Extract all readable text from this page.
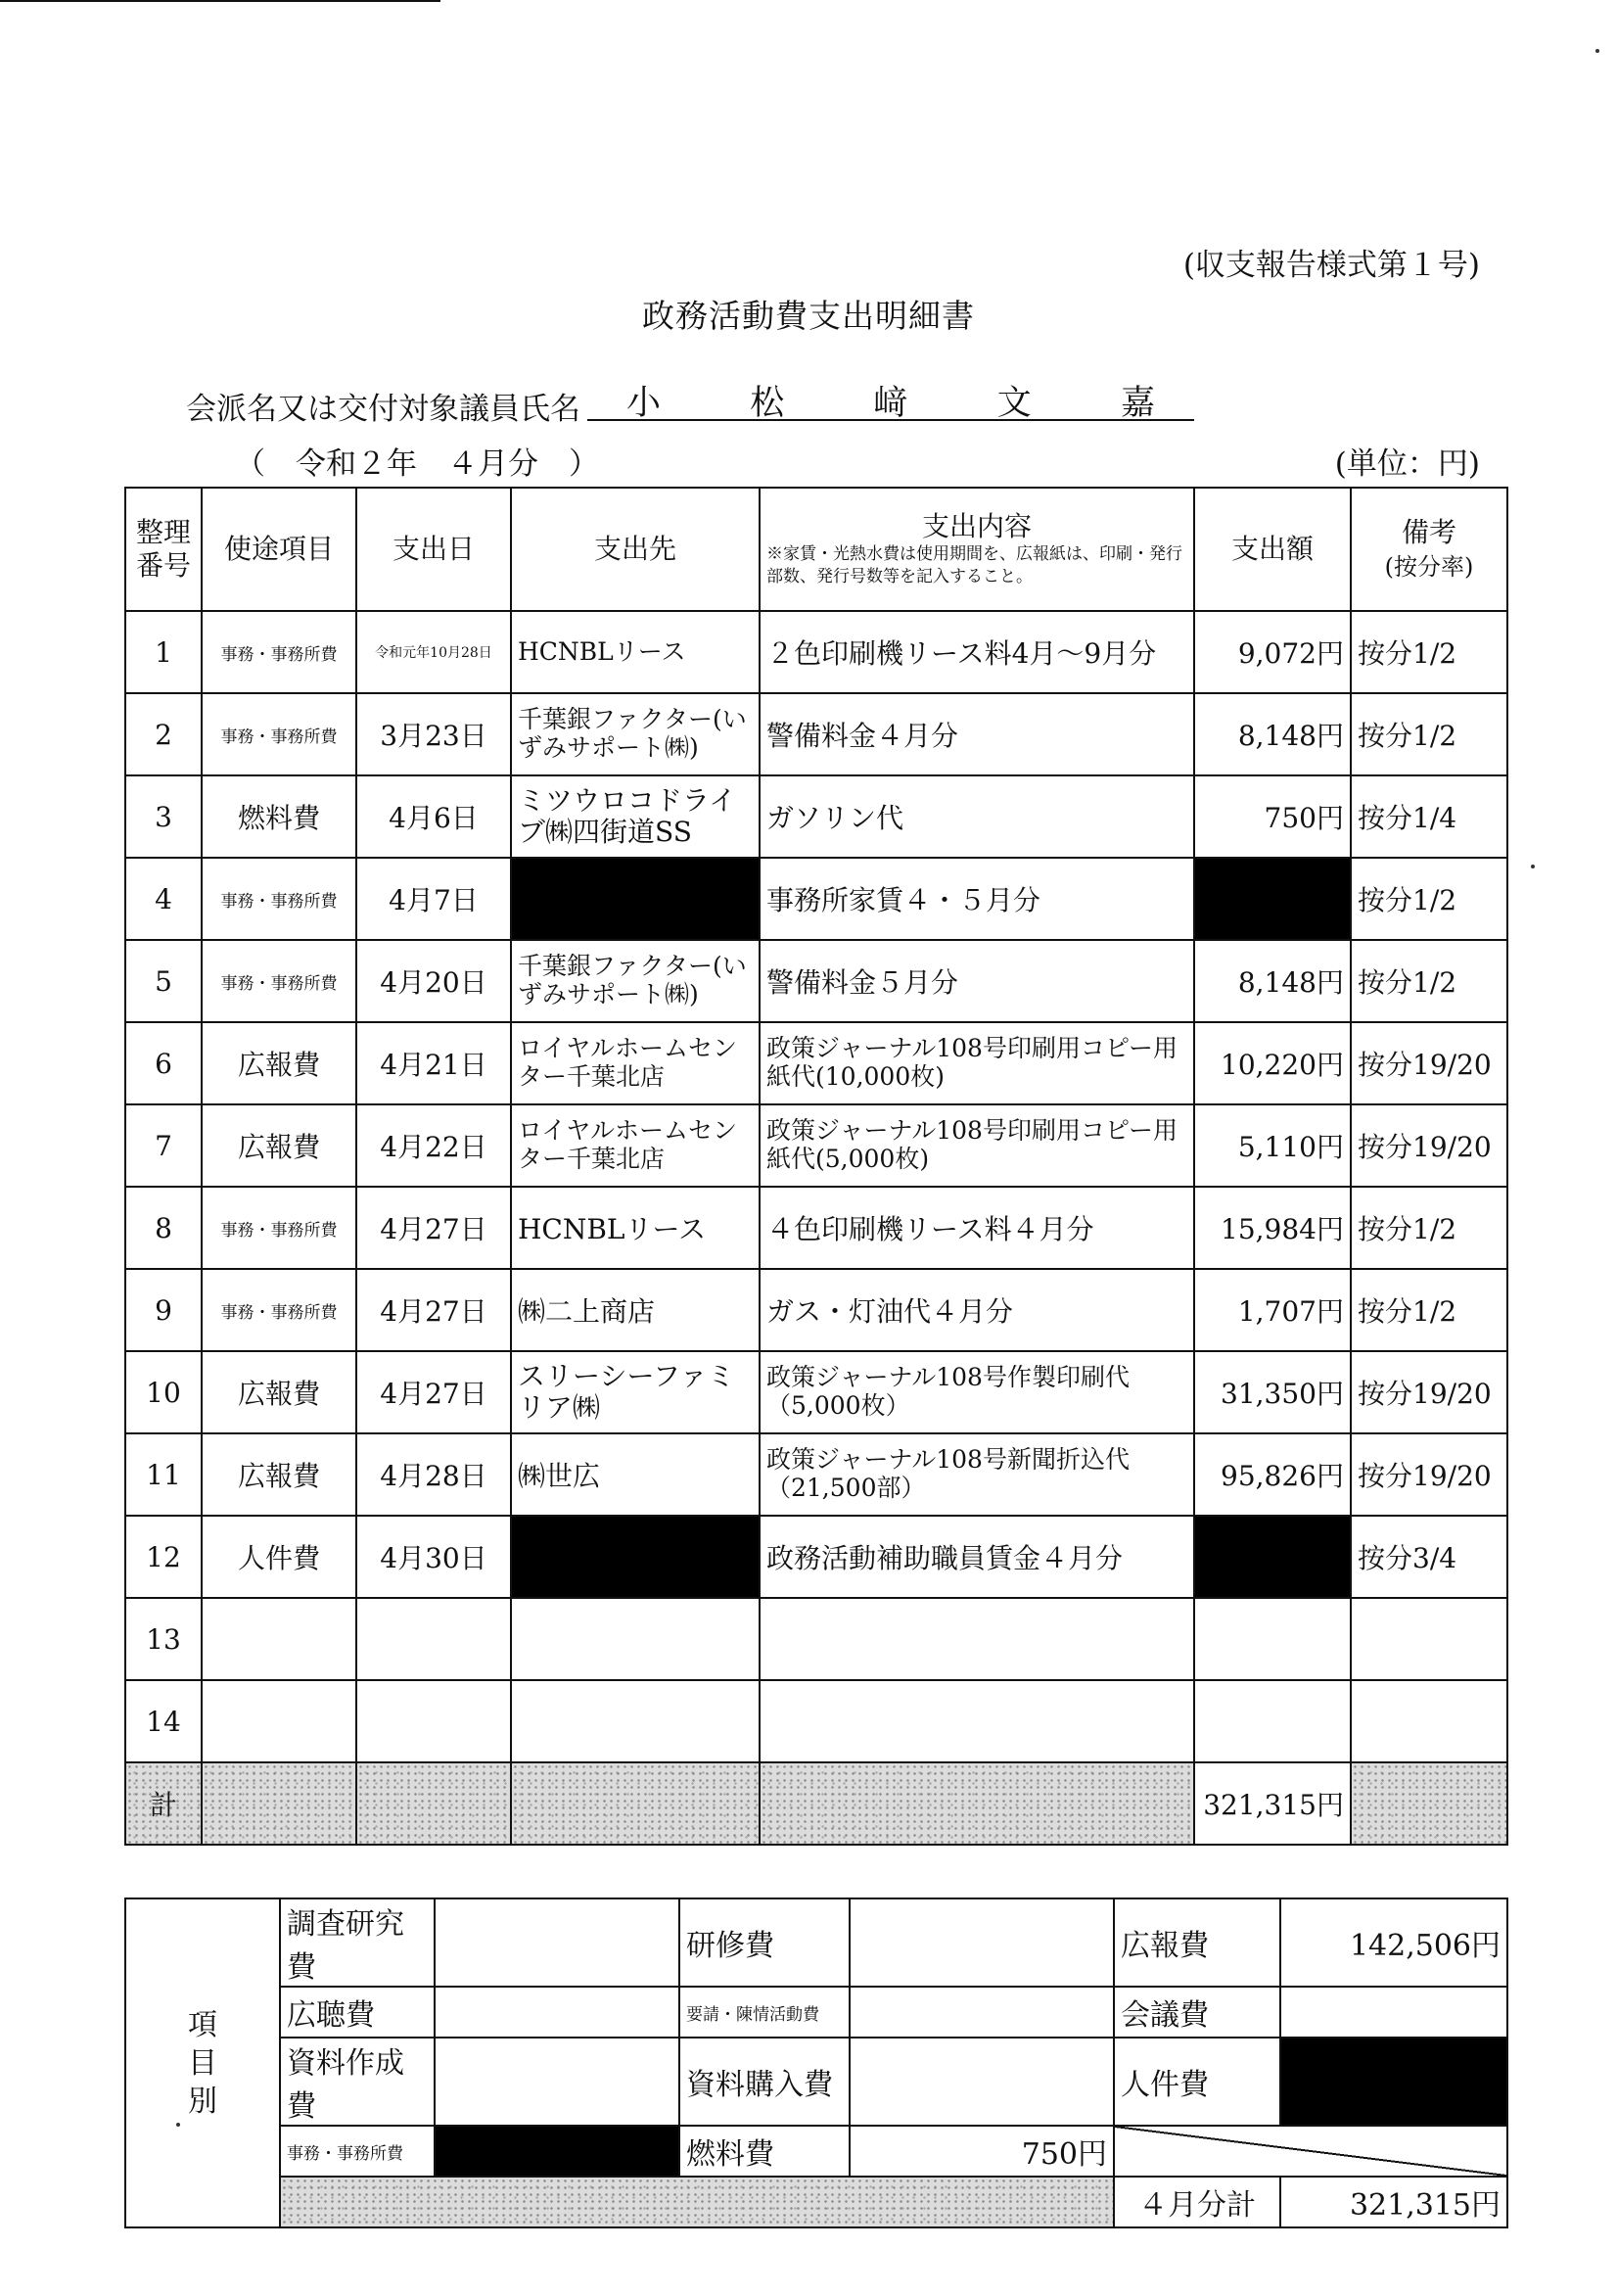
(収支報告様式第１号)
政務活動費支出明細書
会派名又は交付対象議員氏名 小	松	﨑	文	嘉
（　令和２年　４月分　）	(単位：円)
整理
番号	使途項目	支出日	支出先	支出内容
※家賃・光熱水費は使用期間を、広報紙は、印刷・発行部数、発行号数等を記入すること。	支出額	備考
(按分率)
1	事務・事務所費	令和元年10月28日	HCNBLリース	２色印刷機リース料4月～9月分	9,072円	按分1/2
2	事務・事務所費	3月23日	千葉銀ファクター(いずみサポート㈱)	警備料金４月分	8,148円	按分1/2
3	燃料費	4月6日	ミツウロコドライブ㈱四街道SS	ガソリン代	750円	按分1/4
4	事務・事務所費	4月7日		事務所家賃４・５月分		按分1/2
5	事務・事務所費	4月20日	千葉銀ファクター(いずみサポート㈱)	警備料金５月分	8,148円	按分1/2
6	広報費	4月21日	ロイヤルホームセンター千葉北店	政策ジャーナル108号印刷用コピー用紙代(10,000枚)	10,220円	按分19/20
7	広報費	4月22日	ロイヤルホームセンター千葉北店	政策ジャーナル108号印刷用コピー用紙代(5,000枚)	5,110円	按分19/20
8	事務・事務所費	4月27日	HCNBLリース	４色印刷機リース料４月分	15,984円	按分1/2
9	事務・事務所費	4月27日	㈱二上商店	ガス・灯油代４月分	1,707円	按分1/2
10	広報費	4月27日	スリーシーファミリア㈱	政策ジャーナル108号作製印刷代（5,000枚）	31,350円	按分19/20
11	広報費	4月28日	㈱世広	政策ジャーナル108号新聞折込代（21,500部）	95,826円	按分19/20
12	人件費	4月30日		政務活動補助職員賃金４月分		按分3/4
13						
14						
計					321,315円	
項
目
別	調査研究費		研修費		広報費	142,506円
	広聴費		要請・陳情活動費		会議費	
	資料作成費		資料購入費		人件費	
	事務・事務所費		燃料費	750円		
					４月分計	321,315円
